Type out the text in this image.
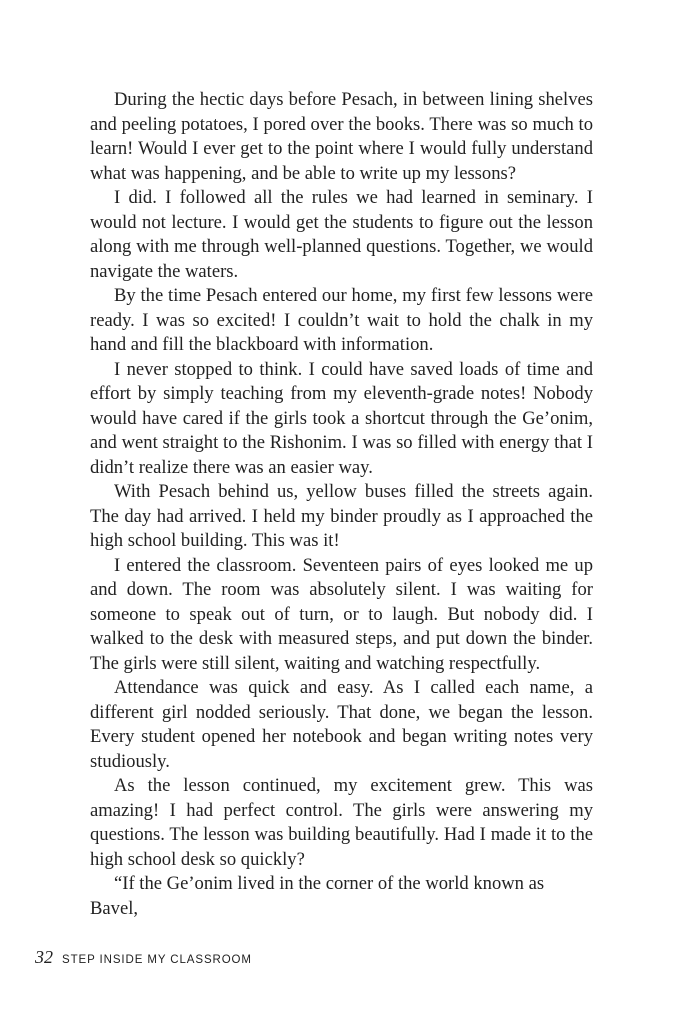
During the hectic days before Pesach, in between lining shelves and peeling potatoes, I pored over the books. There was so much to learn! Would I ever get to the point where I would fully understand what was happening, and be able to write up my lessons?

I did. I followed all the rules we had learned in seminary. I would not lecture. I would get the students to figure out the lesson along with me through well-planned questions. Together, we would navigate the waters.

By the time Pesach entered our home, my first few lessons were ready. I was so excited! I couldn’t wait to hold the chalk in my hand and fill the blackboard with information.

I never stopped to think. I could have saved loads of time and effort by simply teaching from my eleventh-grade notes! Nobody would have cared if the girls took a shortcut through the Ge’onim, and went straight to the Rishonim. I was so filled with energy that I didn’t realize there was an easier way.

With Pesach behind us, yellow buses filled the streets again. The day had arrived. I held my binder proudly as I approached the high school building. This was it!

I entered the classroom. Seventeen pairs of eyes looked me up and down. The room was absolutely silent. I was waiting for someone to speak out of turn, or to laugh. But nobody did. I walked to the desk with measured steps, and put down the binder. The girls were still silent, waiting and watching respectfully.

Attendance was quick and easy. As I called each name, a different girl nodded seriously. That done, we began the lesson. Every student opened her notebook and began writing notes very studiously.

As the lesson continued, my excitement grew. This was amazing! I had perfect control. The girls were answering my questions. The lesson was building beautifully. Had I made it to the high school desk so quickly?

“If the Ge’onim lived in the corner of the world known as Bavel,

32 STEP INSIDE MY CLASSROOM
